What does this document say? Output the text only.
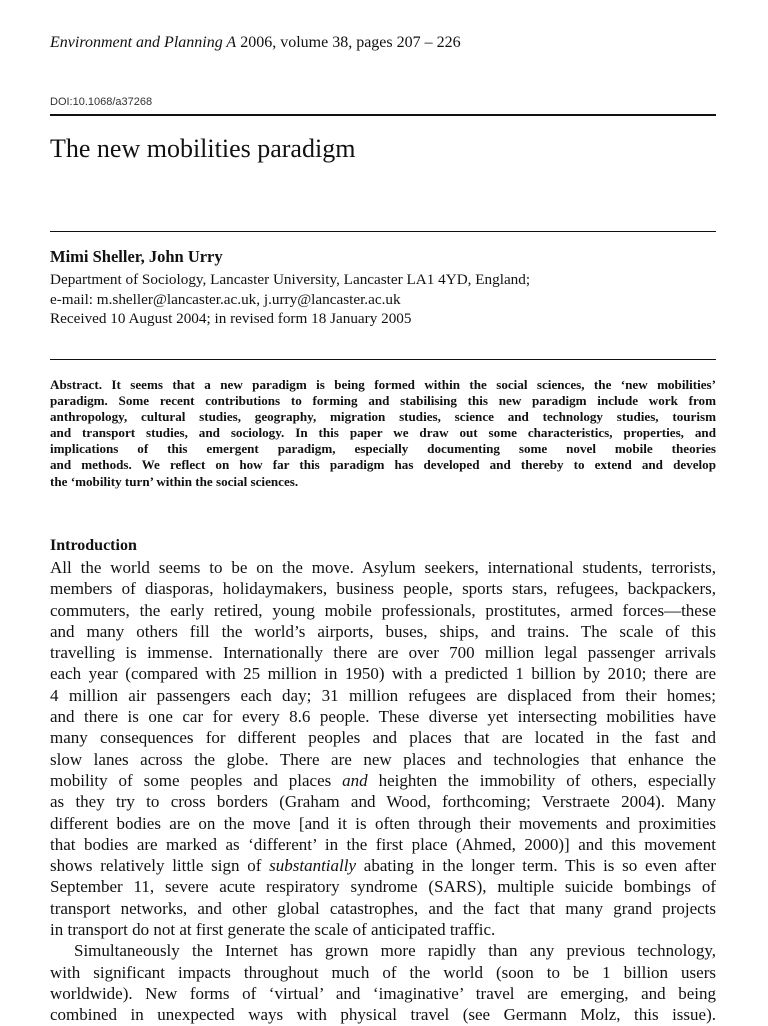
Environment and Planning A 2006, volume 38, pages 207 – 226
DOI:10.1068/a37268
The new mobilities paradigm
Mimi Sheller, John Urry
Department of Sociology, Lancaster University, Lancaster LA1 4YD, England;
e-mail: m.sheller@lancaster.ac.uk, j.urry@lancaster.ac.uk
Received 10 August 2004; in revised form 18 January 2005
Abstract. It seems that a new paradigm is being formed within the social sciences, the ‘new mobilities’
paradigm. Some recent contributions to forming and stabilising this new paradigm include work from
anthropology, cultural studies, geography, migration studies, science and technology studies, tourism
and transport studies, and sociology. In this paper we draw out some characteristics, properties, and
implications of this emergent paradigm, especially documenting some novel mobile theories
and methods. We reflect on how far this paradigm has developed and thereby to extend and develop
the ‘mobility turn’ within the social sciences.
Introduction
All the world seems to be on the move. Asylum seekers, international students, terrorists,
members of diasporas, holidaymakers, business people, sports stars, refugees, backpackers,
commuters, the early retired, young mobile professionals, prostitutes, armed forces—these
and many others fill the world’s airports, buses, ships, and trains. The scale of this
travelling is immense. Internationally there are over 700 million legal passenger arrivals
each year (compared with 25 million in 1950) with a predicted 1 billion by 2010; there are
4 million air passengers each day; 31 million refugees are displaced from their homes;
and there is one car for every 8.6 people. These diverse yet intersecting mobilities have
many consequences for different peoples and places that are located in the fast and
slow lanes across the globe. There are new places and technologies that enhance the
mobility of some peoples and places and heighten the immobility of others, especially
as they try to cross borders (Graham and Wood, forthcoming; Verstraete 2004). Many
different bodies are on the move [and it is often through their movements and proximities
that bodies are marked as ‘different’ in the first place (Ahmed, 2000)] and this movement
shows relatively little sign of substantially abating in the longer term. This is so even after
September 11, severe acute respiratory syndrome (SARS), multiple suicide bombings of
transport networks, and other global catastrophes, and the fact that many grand projects
in transport do not at first generate the scale of anticipated traffic.
Simultaneously the Internet has grown more rapidly than any previous technology,
with significant impacts throughout much of the world (soon to be 1 billion users
worldwide). New forms of ‘virtual’ and ‘imaginative’ travel are emerging, and being
combined in unexpected ways with physical travel (see Germann Molz, this issue).
